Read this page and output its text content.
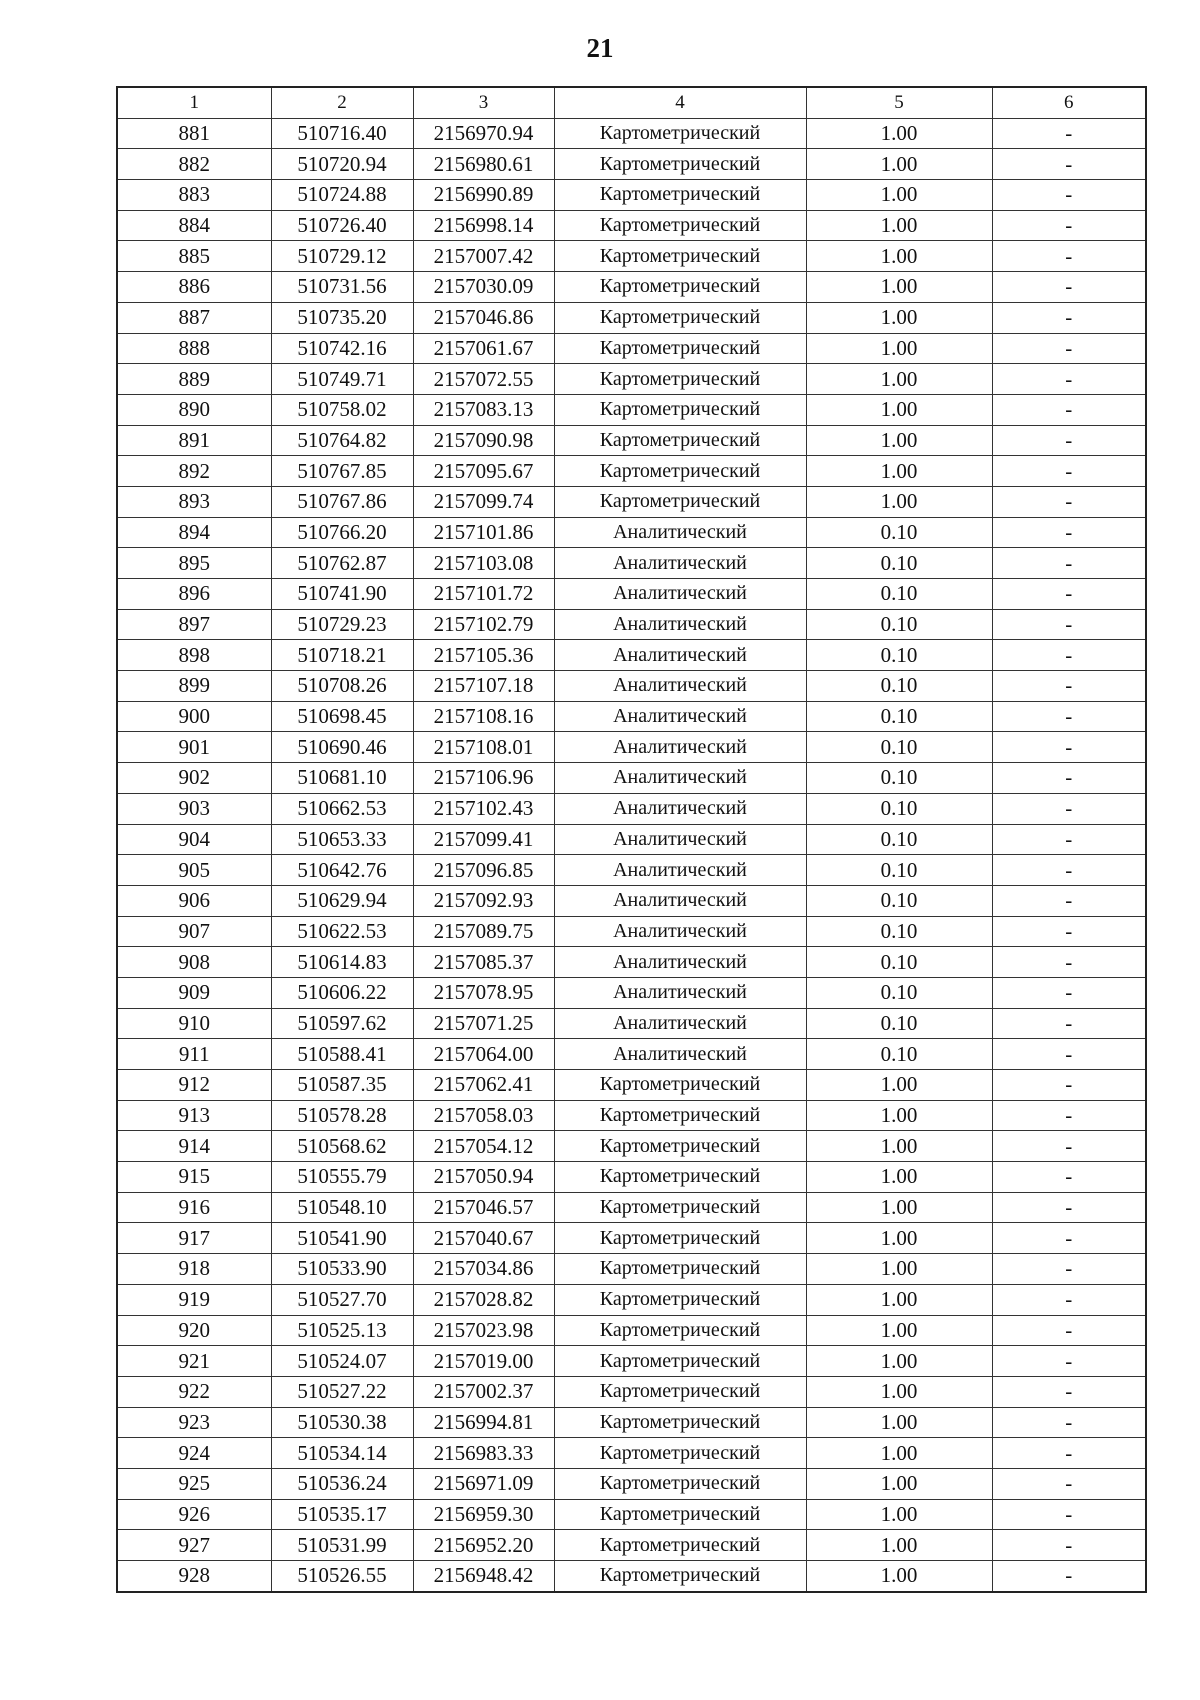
21
1	2	3	4	5	6
881	510716.40	2156970.94	Картометрический	1.00	-
882	510720.94	2156980.61	Картометрический	1.00	-
883	510724.88	2156990.89	Картометрический	1.00	-
884	510726.40	2156998.14	Картометрический	1.00	-
885	510729.12	2157007.42	Картометрический	1.00	-
886	510731.56	2157030.09	Картометрический	1.00	-
887	510735.20	2157046.86	Картометрический	1.00	-
888	510742.16	2157061.67	Картометрический	1.00	-
889	510749.71	2157072.55	Картометрический	1.00	-
890	510758.02	2157083.13	Картометрический	1.00	-
891	510764.82	2157090.98	Картометрический	1.00	-
892	510767.85	2157095.67	Картометрический	1.00	-
893	510767.86	2157099.74	Картометрический	1.00	-
894	510766.20	2157101.86	Аналитический	0.10	-
895	510762.87	2157103.08	Аналитический	0.10	-
896	510741.90	2157101.72	Аналитический	0.10	-
897	510729.23	2157102.79	Аналитический	0.10	-
898	510718.21	2157105.36	Аналитический	0.10	-
899	510708.26	2157107.18	Аналитический	0.10	-
900	510698.45	2157108.16	Аналитический	0.10	-
901	510690.46	2157108.01	Аналитический	0.10	-
902	510681.10	2157106.96	Аналитический	0.10	-
903	510662.53	2157102.43	Аналитический	0.10	-
904	510653.33	2157099.41	Аналитический	0.10	-
905	510642.76	2157096.85	Аналитический	0.10	-
906	510629.94	2157092.93	Аналитический	0.10	-
907	510622.53	2157089.75	Аналитический	0.10	-
908	510614.83	2157085.37	Аналитический	0.10	-
909	510606.22	2157078.95	Аналитический	0.10	-
910	510597.62	2157071.25	Аналитический	0.10	-
911	510588.41	2157064.00	Аналитический	0.10	-
912	510587.35	2157062.41	Картометрический	1.00	-
913	510578.28	2157058.03	Картометрический	1.00	-
914	510568.62	2157054.12	Картометрический	1.00	-
915	510555.79	2157050.94	Картометрический	1.00	-
916	510548.10	2157046.57	Картометрический	1.00	-
917	510541.90	2157040.67	Картометрический	1.00	-
918	510533.90	2157034.86	Картометрический	1.00	-
919	510527.70	2157028.82	Картометрический	1.00	-
920	510525.13	2157023.98	Картометрический	1.00	-
921	510524.07	2157019.00	Картометрический	1.00	-
922	510527.22	2157002.37	Картометрический	1.00	-
923	510530.38	2156994.81	Картометрический	1.00	-
924	510534.14	2156983.33	Картометрический	1.00	-
925	510536.24	2156971.09	Картометрический	1.00	-
926	510535.17	2156959.30	Картометрический	1.00	-
927	510531.99	2156952.20	Картометрический	1.00	-
928	510526.55	2156948.42	Картометрический	1.00	-
